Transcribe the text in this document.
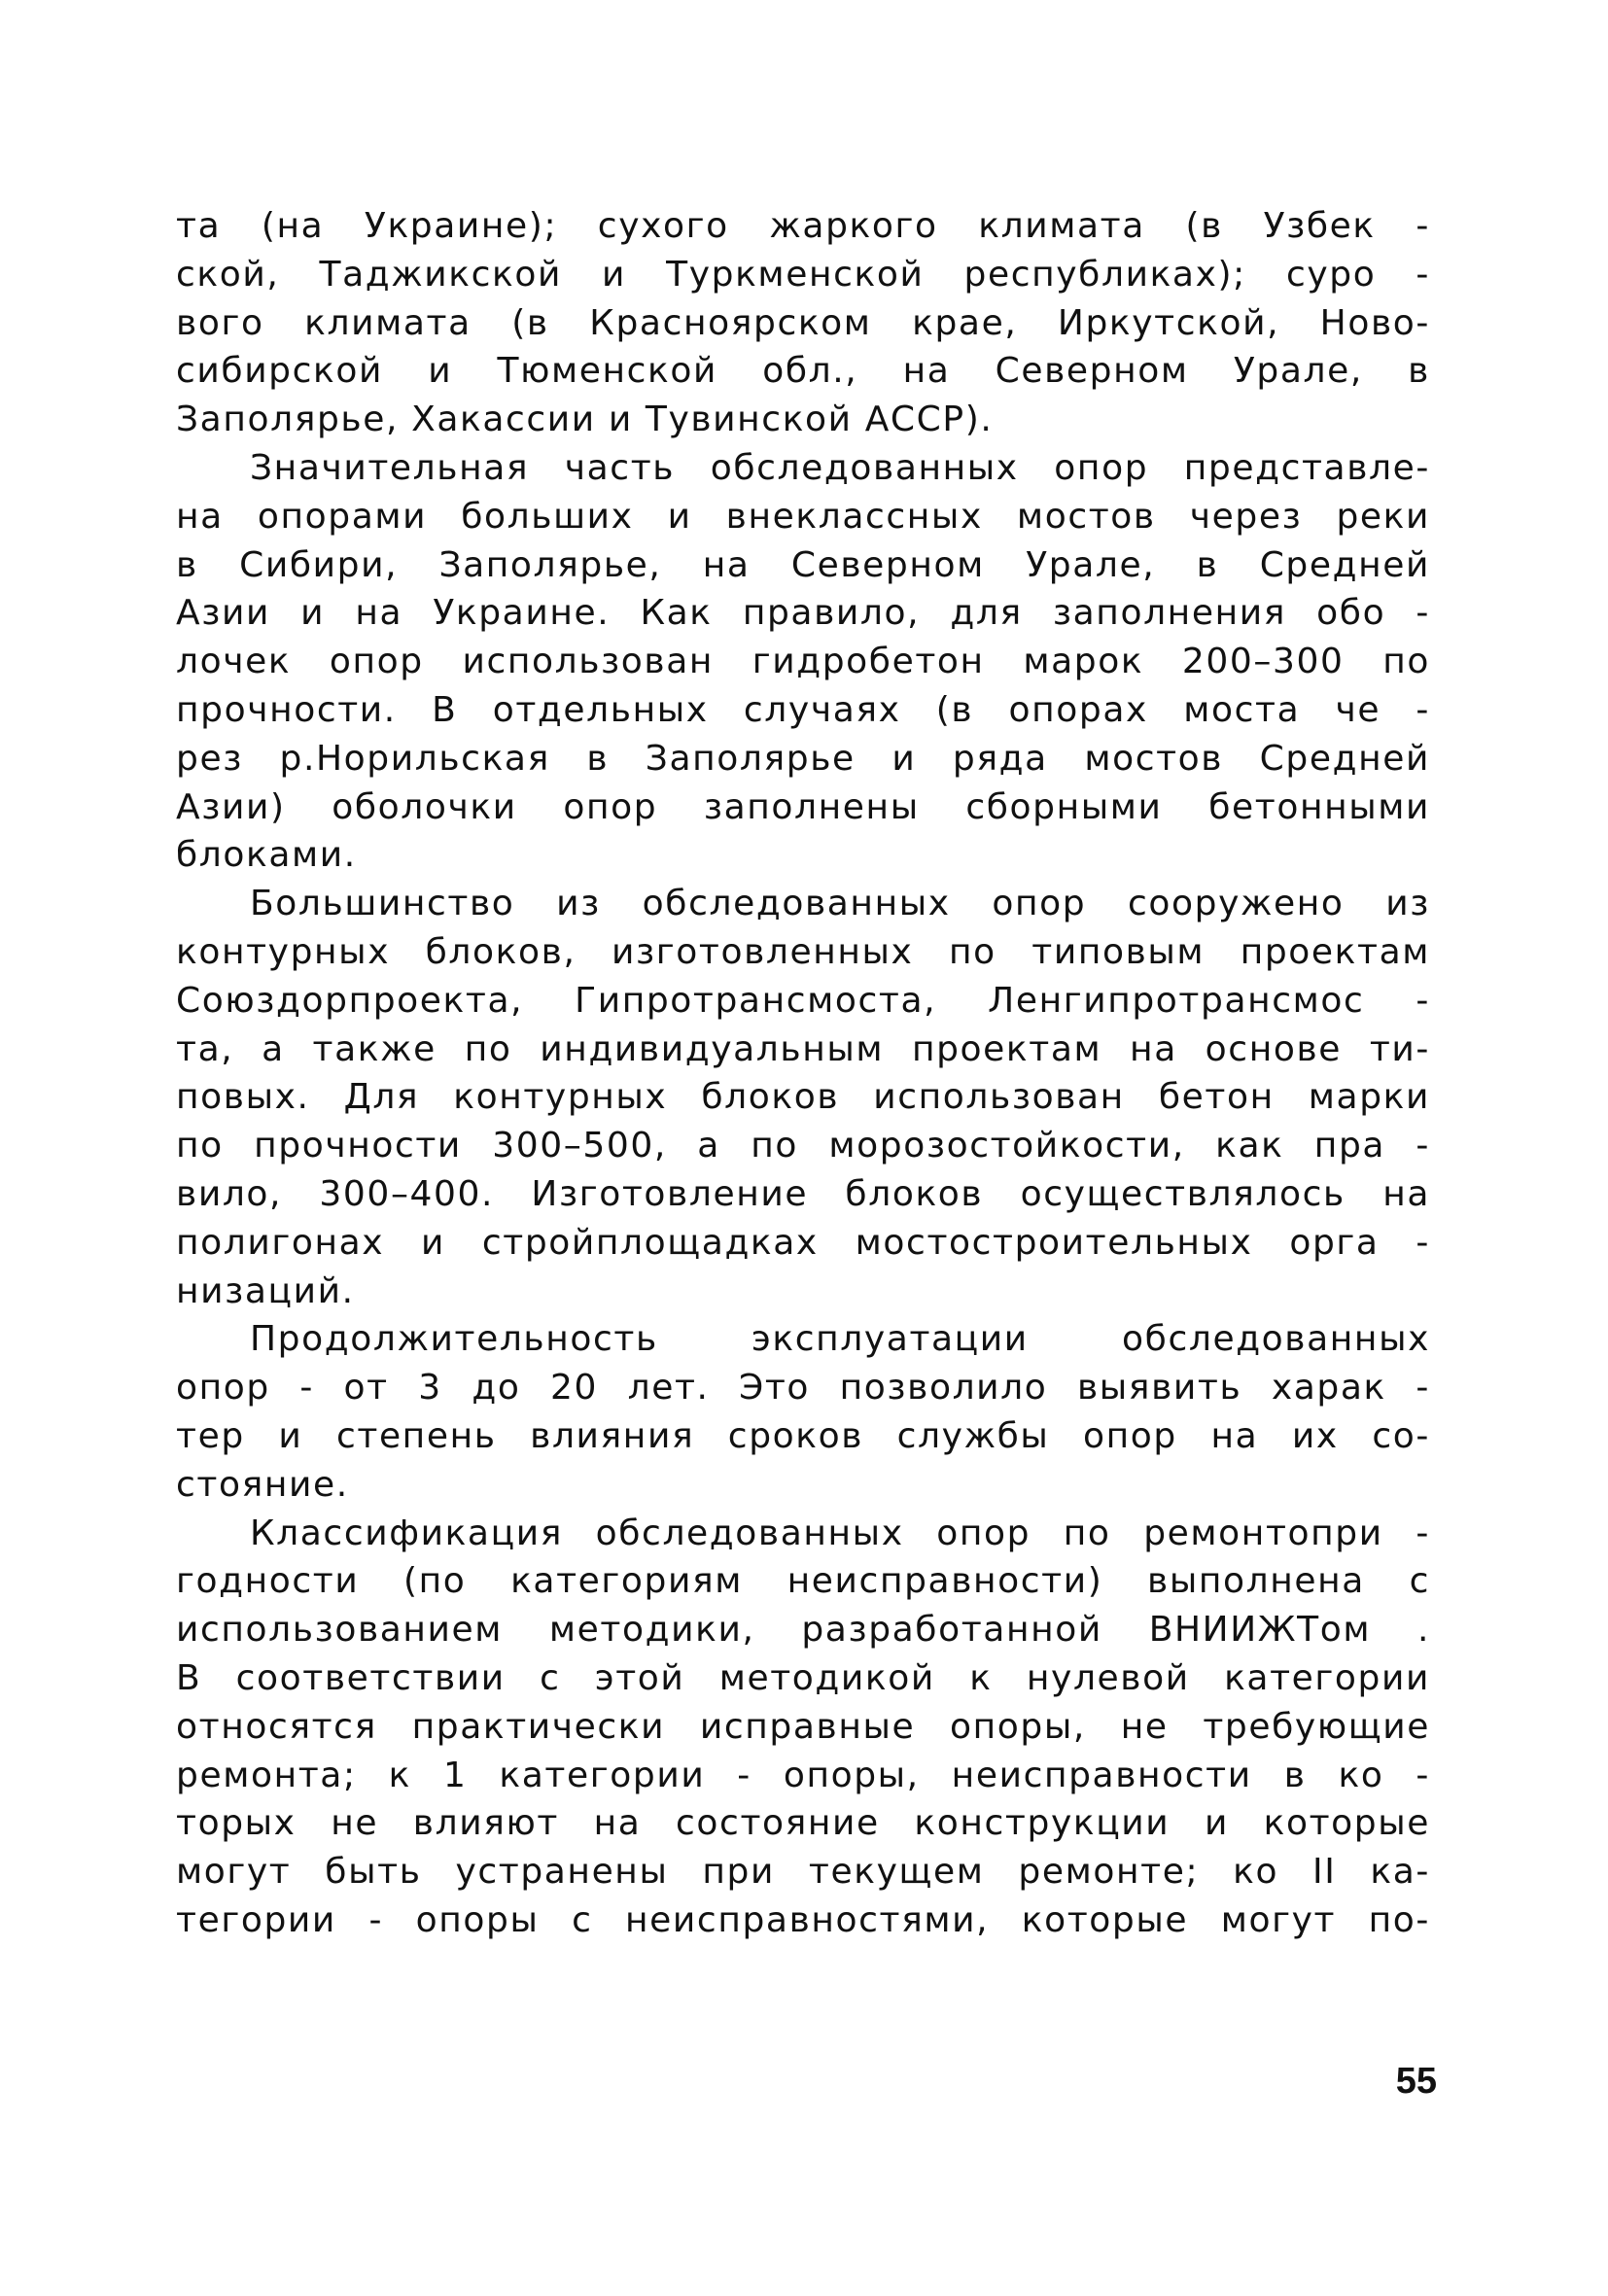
та (на Украине); сухого жаркого климата (в Узбек -
ской, Таджикской и Туркменской республиках); суро -
вого климата (в Красноярском крае, Иркутской, Ново-
сибирской и Тюменской обл., на Северном Урале, в
Заполярье, Хакассии и Тувинской АССР).
Значительная часть обследованных опор представле-
на опорами больших и внеклассных мостов через реки
в Сибири, Заполярье, на Северном Урале, в Средней
Азии и на Украине. Как правило, для заполнения обо -
лочек опор использован гидробетон марок 200–300 по
прочности. В отдельных случаях (в опорах моста че -
рез р.Норильская в Заполярье и ряда мостов Средней
Азии) оболочки опор заполнены сборными бетонными
блоками.
Большинство из обследованных опор сооружено из
контурных блоков, изготовленных по типовым проектам
Союздорпроекта, Гипротрансмоста, Ленгипротрансмос -
та, а также по индивидуальным проектам на основе ти-
повых. Для контурных блоков использован бетон марки
по прочности 300–500, а по морозостойкости, как пра -
вило, 300–400. Изготовление блоков осуществлялось на
полигонах и стройплощадках мостостроительных орга -
низаций.
Продолжительность эксплуатации обследованных
опор - от 3 до 20 лет. Это позволило выявить харак -
тер и степень влияния сроков службы опор на их со-
стояние.
Классификация обследованных опор по ремонтопри -
годности (по категориям неисправности) выполнена с
использованием методики, разработанной ВНИИЖТом .
В соответствии с этой методикой к нулевой категории
относятся практически исправные опоры, не требующие
ремонта; к 1 категории - опоры, неисправности в ко -
торых не влияют на состояние конструкции и которые
могут быть устранены при текущем ремонте; ко II ка-
тегории - опоры с неисправностями, которые могут по-
55
